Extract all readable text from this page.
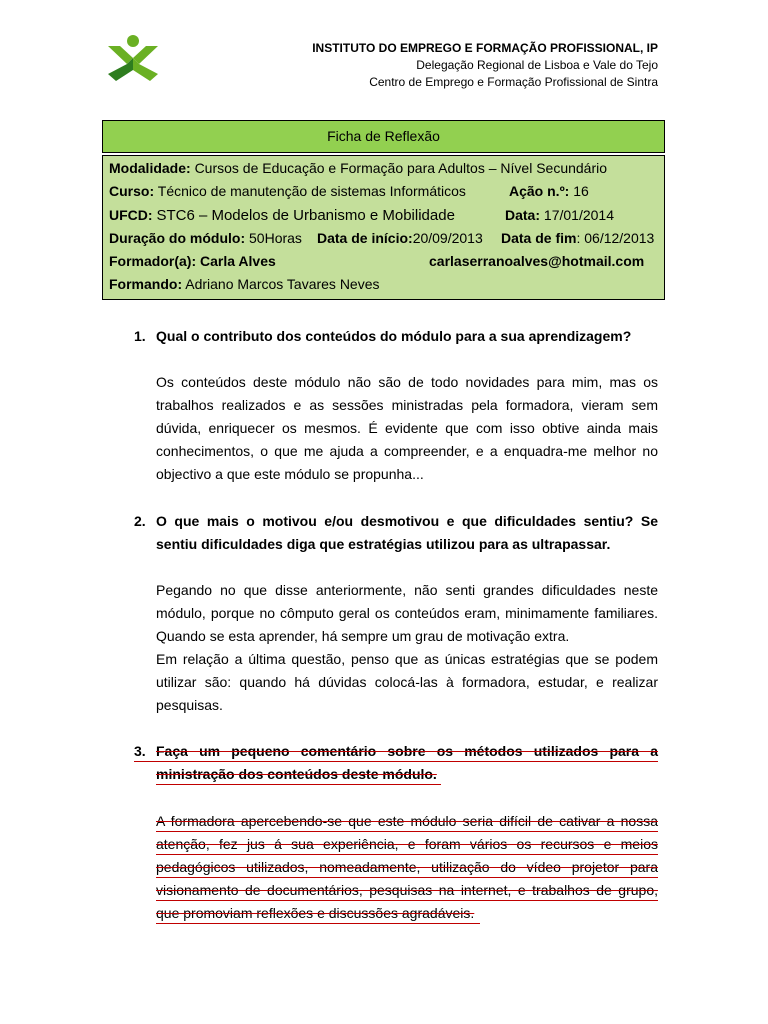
INSTITUTO DO EMPREGO E FORMAÇÃO PROFISSIONAL, IP
Delegação Regional de Lisboa e Vale do Tejo
Centro de Emprego e Formação Profissional de Sintra
Ficha de Reflexão
Modalidade: Cursos de Educação e Formação para Adultos – Nível Secundário
Curso: Técnico de manutenção de sistemas Informáticos	Ação n.º: 16
UFCD: STC6 – Modelos de Urbanismo e Mobilidade	Data: 17/01/2014
Duração do módulo: 50Horas Data de início:20/09/2013 Data de fim: 06/12/2013
Formador(a): Carla Alves	carlaserranoalves@hotmail.com
Formando: Adriano Marcos Tavares Neves
1. Qual o contributo dos conteúdos do módulo para a sua aprendizagem?
Os conteúdos deste módulo não são de todo novidades para mim, mas os trabalhos realizados e as sessões ministradas pela formadora, vieram sem dúvida, enriquecer os mesmos. É evidente que com isso obtive ainda mais conhecimentos, o que me ajuda a compreender, e a enquadra-me melhor no objectivo a que este módulo se propunha...
2. O que mais o motivou e/ou desmotivou e que dificuldades sentiu? Se sentiu dificuldades diga que estratégias utilizou para as ultrapassar.
Pegando no que disse anteriormente, não senti grandes dificuldades neste módulo, porque no cômputo geral os conteúdos eram, minimamente familiares. Quando se esta aprender, há sempre um grau de motivação extra.
Em relação a última questão, penso que as únicas estratégias que se podem utilizar são: quando há dúvidas colocá-las à formadora, estudar, e realizar pesquisas.
3. Faça um pequeno comentário sobre os métodos utilizados para a ministração dos conteúdos deste módulo.
A formadora apercebendo-se que este módulo seria difícil de cativar a nossa atenção, fez jus á sua experiência, e foram vários os recursos e meios pedagógicos utilizados, nomeadamente, utilização do vídeo projetor para visionamento de documentários, pesquisas na internet, e trabalhos de grupo, que promoviam reflexões e discussões agradáveis.
